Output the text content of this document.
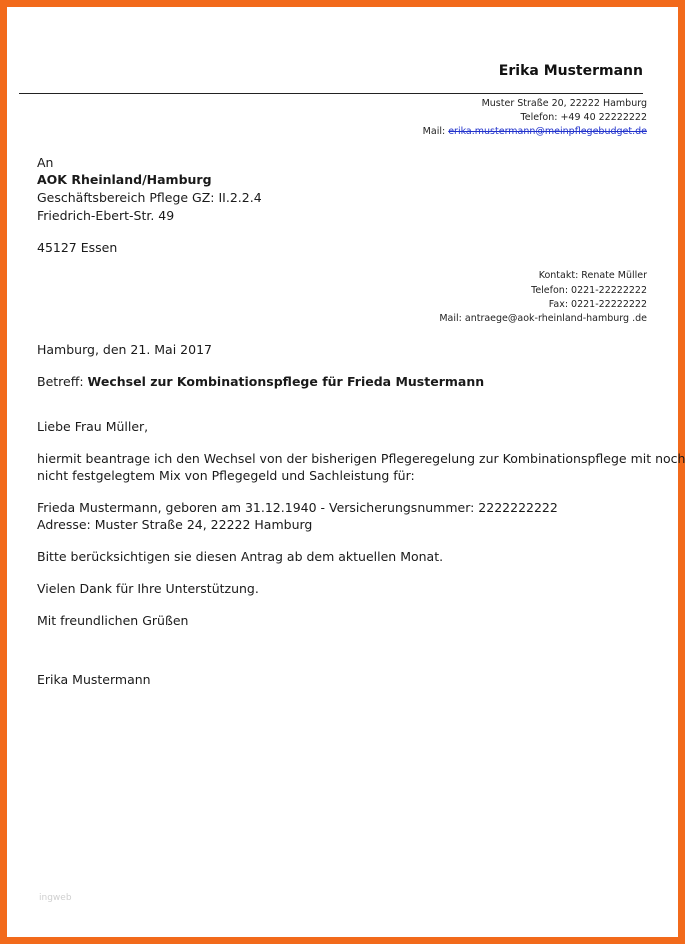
Erika Mustermann
Muster Straße 20, 22222 Hamburg
Telefon: +49 40 22222222
Mail: erika.mustermann@meinpflegebudget.de
An
AOK Rheinland/Hamburg
Geschäftsbereich Pflege GZ: II.2.2.4
Friedrich-Ebert-Str. 49
45127 Essen
Kontakt: Renate Müller
Telefon: 0221-22222222
Fax: 0221-22222222
Mail: antraege@aok-rheinland-hamburg .de
Hamburg, den 21. Mai 2017
Betreff: Wechsel zur Kombinationspflege für Frieda Mustermann
Liebe Frau Müller,
hiermit beantrage ich den Wechsel von der bisherigen Pflegeregelung zur Kombinationspflege mit noch
nicht festgelegtem Mix von Pflegegeld und Sachleistung für:
Frieda Mustermann, geboren am 31.12.1940 - Versicherungsnummer: 2222222222
Adresse: Muster Straße 24, 22222 Hamburg
Bitte berücksichtigen sie diesen Antrag ab dem aktuellen Monat.
Vielen Dank für Ihre Unterstützung.
Mit freundlichen Grüßen
Erika Mustermann
ingweb
